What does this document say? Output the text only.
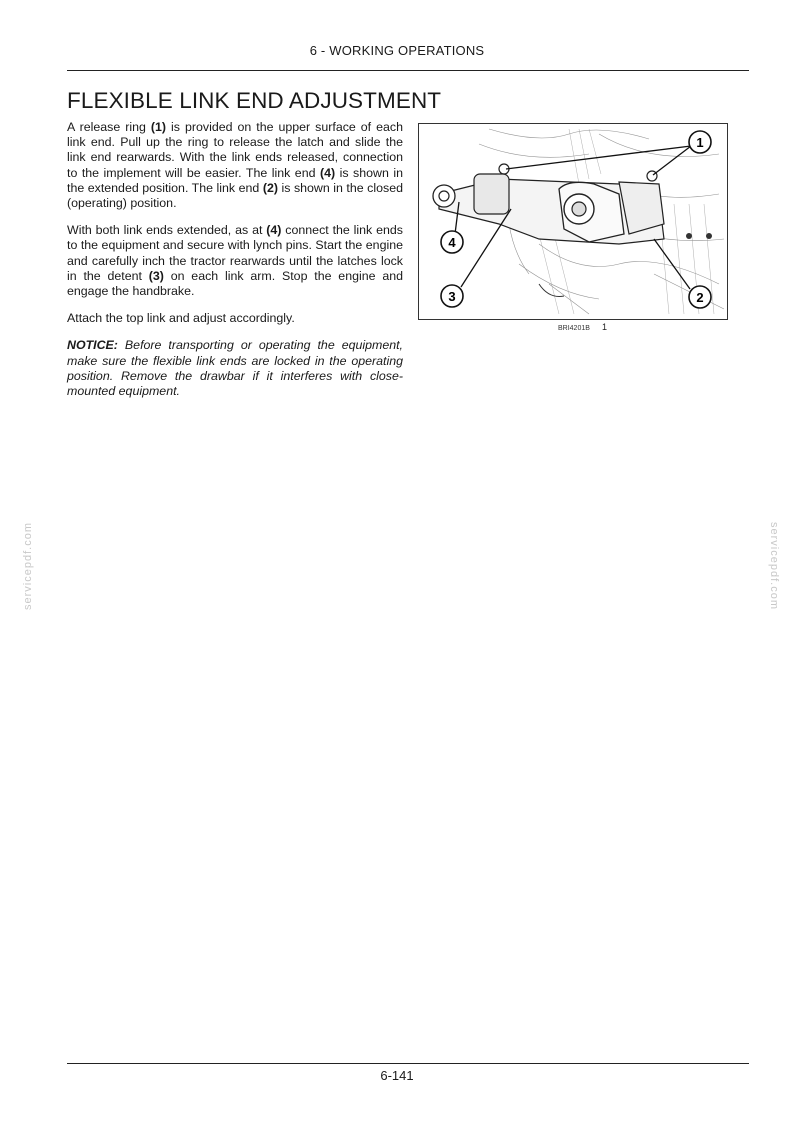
6 - WORKING OPERATIONS
FLEXIBLE LINK END ADJUSTMENT

A release ring (1) is provided on the upper surface of each link end. Pull up the ring to release the latch and slide the link end rearwards. With the link ends released, connection to the implement will be easier. The link end (4) is shown in the extended position. The link end (2) is shown in the closed (operating) position.

With both link ends extended, as at (4) connect the link ends to the equipment and secure with lynch pins. Start the engine and carefully inch the tractor rearwards until the latches lock in the detent (3) on each link arm. Stop the engine and engage the handbrake.

Attach the top link and adjust accordingly.

NOTICE: Before transporting or operating the equipment, make sure the flexible link ends are locked in the operating position. Remove the drawbar if it interferes with close-mounted equipment.

1
4
3	2
BRI4201B 1
servicepdf.com	servicepdf.com
6-141
